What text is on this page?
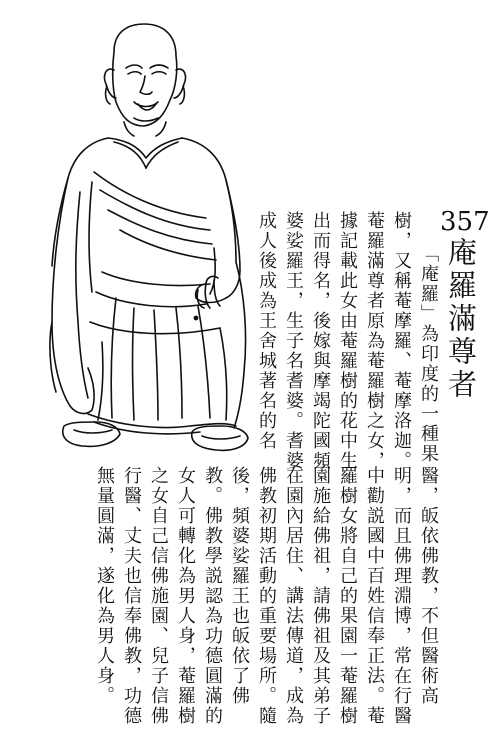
357
庵羅滿尊者
「庵羅」為印度的一種果
樹，又稱菴摩羅、菴摩洛迦。
菴羅滿尊者原為菴羅樹之女，
據記載此女由菴羅樹的花中生
出而得名，後嫁與摩竭陀國頻
婆娑羅王，生子名耆婆。耆婆
成人後成為王舍城著名的名
醫，皈依佛教，不但醫術高
明，而且佛理淵博，常在行醫
中勸説國中百姓信奉正法。菴
羅樹女將自己的果園一菴羅樹
園施給佛祖，請佛祖及其弟子
在園內居住、講法傳道，成為
佛教初期活動的重要場所。隨
後，頻婆娑羅王也皈依了佛
教。佛教學説認為功德圓滿的
女人可轉化為男人身，菴羅樹
之女自己信佛施園、兒子信佛
行醫、丈夫也信奉佛教，功德
無量圓滿，遂化為男人身。
